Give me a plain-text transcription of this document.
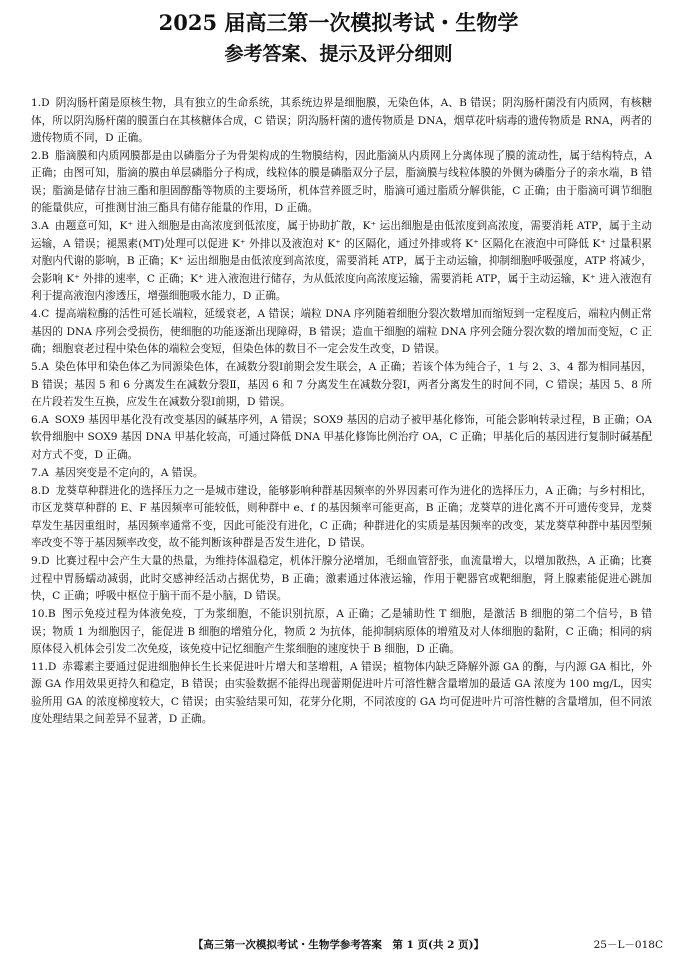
2025 届高三第一次模拟考试・生物学
参考答案、提示及评分细则
1.D 阴沟肠杆菌是原核生物，具有独立的生命系统，其系统边界是细胞膜，无染色体，A、B 错误；阴沟肠杆菌没有内质网，有核糖体，所以阴沟肠杆菌的膜蛋白在其核糖体合成，C 错误；阴沟肠杆菌的遗传物质是 DNA，烟草花叶病毒的遗传物质是 RNA，两者的遗传物质不同，D 正确。
2.B 脂滴膜和内质网膜都是由以磷脂分子为骨架构成的生物膜结构，因此脂滴从内质网上分离体现了膜的流动性，属于结构特点，A 正确；由图可知，脂滴的膜由单层磷脂分子构成，线粒体的膜是磷脂双分子层，脂滴膜与线粒体膜的外侧为磷脂分子的亲水端，B 错误；脂滴是储存甘油三酯和胆固醇酯等物质的主要场所，机体营养匮乏时，脂滴可通过脂质分解供能，C 正确；由于脂滴可调节细胞的能量供应，可推测甘油三酯具有储存能量的作用，D 正确。
3.A 由题意可知，K⁺ 进入细胞是由高浓度到低浓度，属于协助扩散，K⁺ 运出细胞是由低浓度到高浓度，需要消耗 ATP，属于主动运输，A 错误；褪黑素(MT)处理可以促进 K⁺ 外排以及液泡对 K⁺ 的区隔化，通过外排或将 K⁺ 区隔化在液泡中可降低 K⁺ 过量积累对胞内代谢的影响，B 正确；K⁺ 运出细胞是由低浓度到高浓度，需要消耗 ATP，属于主动运输，抑制细胞呼吸强度，ATP 将减少，会影响 K⁺ 外排的速率，C 正确；K⁺ 进入液泡进行储存，为从低浓度向高浓度运输，需要消耗 ATP，属于主动运输，K⁺ 进入液泡有利于提高液泡内渗透压，增强细胞吸水能力，D 正确。
4.C 提高端粒酶的活性可延长端粒，延缓衰老，A 错误；端粒 DNA 序列随着细胞分裂次数增加而缩短到一定程度后，端粒内侧正常基因的 DNA 序列会受损伤，使细胞的功能逐渐出现障碍，B 错误；造血干细胞的端粒 DNA 序列会随分裂次数的增加而变短，C 正确；细胞衰老过程中染色体的端粒会变短，但染色体的数目不一定会发生改变，D 错误。
5.A 染色体甲和染色体乙为同源染色体，在减数分裂Ⅰ前期会发生联会，A 正确；若该个体为纯合子，1 与 2、3、4 都为相同基因，B 错误；基因 5 和 6 分离发生在减数分裂Ⅱ，基因 6 和 7 分离发生在减数分裂Ⅰ，两者分离发生的时间不同，C 错误；基因 5、8 所在片段若发生互换，应发生在减数分裂Ⅰ前期，D 错误。
6.A SOX9 基因甲基化没有改变基因的碱基序列，A 错误；SOX9 基因的启动子被甲基化修饰，可能会影响转录过程，B 正确；OA 软骨细胞中 SOX9 基因 DNA 甲基化较高，可通过降低 DNA 甲基化修饰比例治疗 OA，C 正确；甲基化后的基因进行复制时碱基配对方式不变，D 正确。
7.A 基因突变是不定向的，A 错误。
8.D 龙葵草种群进化的选择压力之一是城市建设，能够影响种群基因频率的外界因素可作为进化的选择压力，A 正确；与乡村相比，市区龙葵草种群的 E、F 基因频率可能较低，则种群中 e、f 的基因频率可能更高，B 正确；龙葵草的进化离不开可遗传变异，龙葵草发生基因重组时，基因频率通常不变，因此可能没有进化，C 正确；种群进化的实质是基因频率的改变，某龙葵草种群中基因型频率改变不等于基因频率改变，故不能判断该种群是否发生进化，D 错误。
9.D 比赛过程中会产生大量的热量，为维持体温稳定，机体汗腺分泌增加，毛细血管舒张，血流量增大，以增加散热，A 正确；比赛过程中胃肠蠕动减弱，此时交感神经活动占据优势，B 正确；激素通过体液运输，作用于靶器官或靶细胞，肾上腺素能促进心跳加快，C 正确；呼吸中枢位于脑干而不是小脑，D 错误。
10.B 图示免疫过程为体液免疫，丁为浆细胞，不能识别抗原，A 正确；乙是辅助性 T 细胞，是激活 B 细胞的第二个信号，B 错误；物质 1 为细胞因子，能促进 B 细胞的增殖分化，物质 2 为抗体，能抑制病原体的增殖及对人体细胞的黏附，C 正确；相同的病原体侵入机体会引发二次免疫，该免疫中记忆细胞产生浆细胞的速度快于 B 细胞，D 正确。
11.D 赤霉素主要通过促进细胞伸长生长来促进叶片增大和茎增粗，A 错误；植物体内缺乏降解外源 GA 的酶，与内源 GA 相比，外源 GA 作用效果更持久和稳定，B 错误；由实验数据不能得出现蕾期促进叶片可溶性糖含量增加的最适 GA 浓度为 100 mg/L，因实验所用 GA 的浓度梯度较大，C 错误；由实验结果可知，花芽分化期，不同浓度的 GA 均可促进叶片可溶性糖的含量增加，但不同浓度处理结果之间差异不显著，D 正确。
【高三第一次模拟考试・生物学参考答案　第 1 页(共 2 页)】	25－L－018C
